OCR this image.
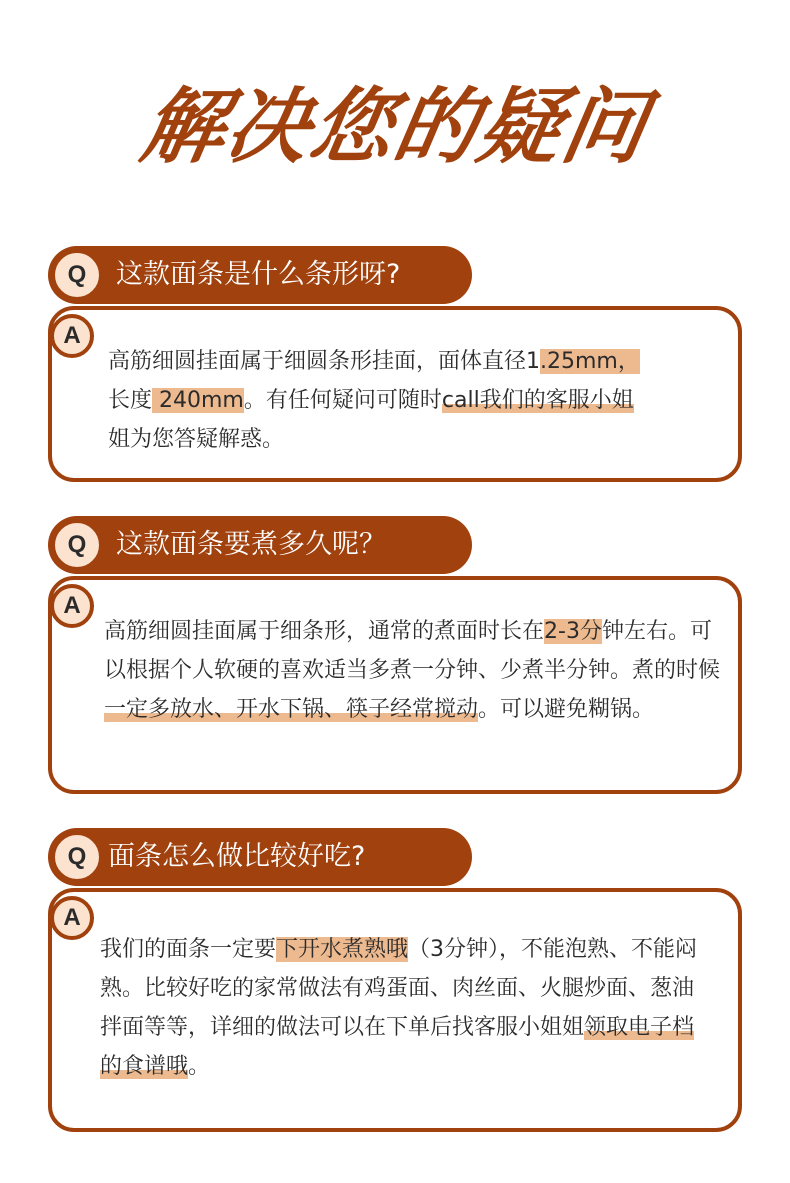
解决您的疑问
Q	这款面条是什么条形呀?
A
高筋细圆挂面属于细圆条形挂面，面体直径1.25mm，
长度 240mm。有任何疑问可随时call我们的客服小姐
姐为您答疑解惑。
Q	这款面条要煮多久呢？
A
高筋细圆挂面属于细条形，通常的煮面时长在2-3分钟左右。可以根据个人软硬的喜欢适当多煮一分钟、少煮半分钟。煮的时候一定多放水、开水下锅、筷子经常搅动。可以避免糊锅。
Q 面条怎么做比较好吃?
A
我们的面条一定要下开水煮熟哦（3分钟），不能泡熟、不能闷熟。比较好吃的家常做法有鸡蛋面、肉丝面、火腿炒面、葱油拌面等等，详细的做法可以在下单后找客服小姐姐领取电子档的食谱哦。
